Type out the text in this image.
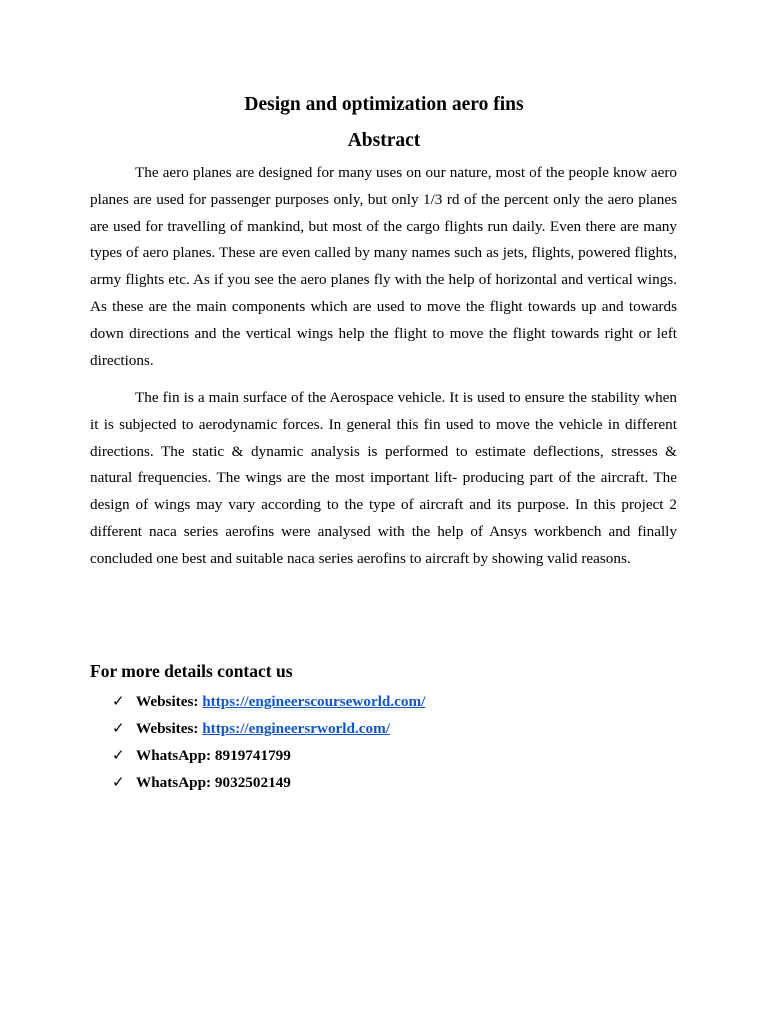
Design and optimization aero fins
Abstract

The aero planes are designed for many uses on our nature, most of the people know aero planes are used for passenger purposes only, but only 1/3 rd of the percent only the aero planes are used for travelling of mankind, but most of the cargo flights run daily. Even there are many types of aero planes. These are even called by many names such as jets, flights, powered flights, army flights etc. As if you see the aero planes fly with the help of horizontal and vertical wings. As these are the main components which are used to move the flight towards up and towards down directions and the vertical wings help the flight to move the flight towards right or left directions.

The fin is a main surface of the Aerospace vehicle. It is used to ensure the stability when it is subjected to aerodynamic forces. In general this fin used to move the vehicle in different directions. The static & dynamic analysis is performed to estimate deflections, stresses & natural frequencies. The wings are the most important lift- producing part of the aircraft. The design of wings may vary according to the type of aircraft and its purpose. In this project 2 different naca series aerofins were analysed with the help of Ansys workbench and finally concluded one best and suitable naca series aerofins to aircraft by showing valid reasons.

For more details contact us
✓ Websites: https://engineerscourseworld.com/
✓ Websites: https://engineersrworld.com/
✓ WhatsApp: 8919741799
✓ WhatsApp: 9032502149
